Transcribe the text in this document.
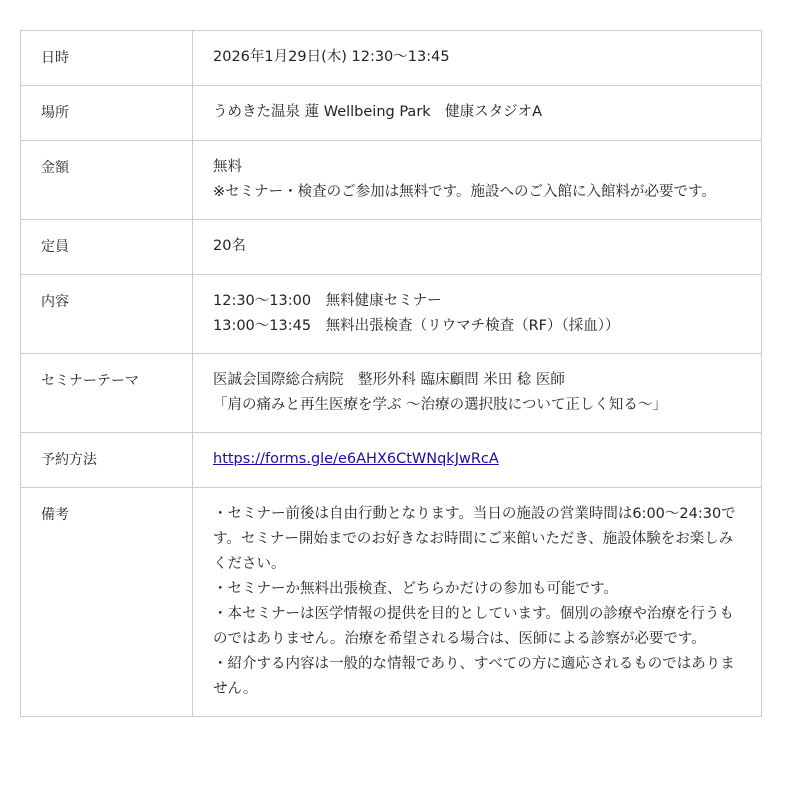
日時	2026年1月29日(木) 12:30〜13:45

場所	うめきた温泉 蓮 Wellbeing Park　健康スタジオA

金額	無料
※セミナー・検査のご参加は無料です。施設へのご入館に入館料が必要です。

定員	20名

内容	12:30〜13:00　無料健康セミナー
13:00〜13:45　無料出張検査（リウマチ検査（RF）（採血））

セミナーテーマ	医誠会国際総合病院　整形外科 臨床顧問 米田 稔 医師
「肩の痛みと再生医療を学ぶ 〜治療の選択肢について正しく知る〜」

予約方法	https://forms.gle/e6AHX6CtWNqkJwRcA
備考	・セミナー前後は自由行動となります。当日の施設の営業時間は6:00〜24:30です。セミナー開始までのお好きなお時間にご来館いただき、施設体験をお楽しみください。
・セミナーか無料出張検査、どちらかだけの参加も可能です。
・本セミナーは医学情報の提供を目的としています。個別の診療や治療を行うものではありません。治療を希望される場合は、医師による診察が必要です。
・紹介する内容は一般的な情報であり、すべての方に適応されるものではありません。
